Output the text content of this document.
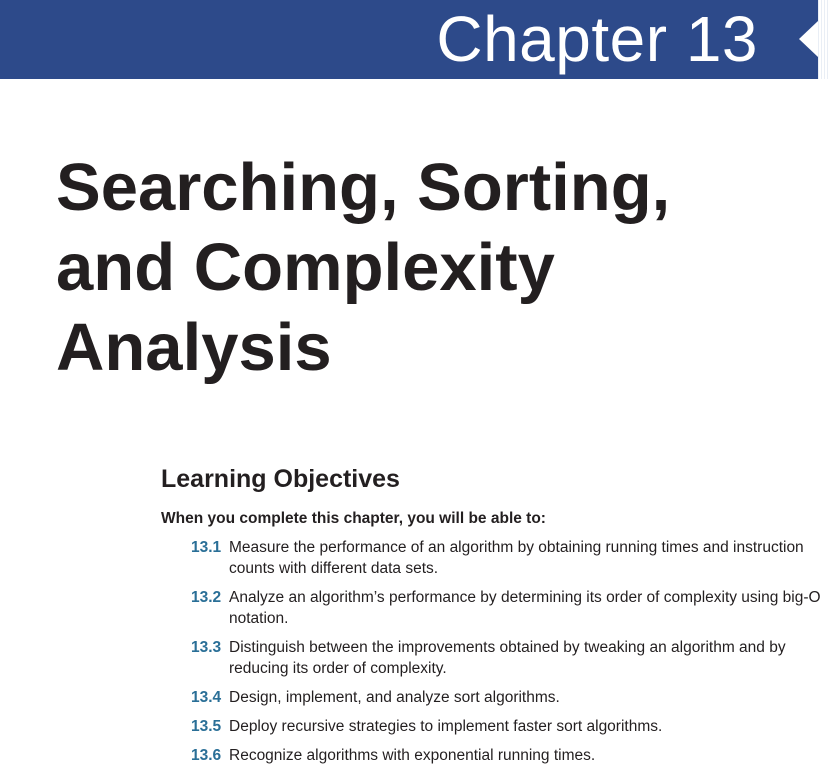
Chapter 13
Searching, Sorting,
and Complexity
Analysis
Learning Objectives

When you complete this chapter, you will be able to:

13.1 Measure the performance of an algorithm by obtaining running times and instruction counts with different data sets.
13.2 Analyze an algorithm’s performance by determining its order of complexity using big-O notation.
13.3 Distinguish between the improvements obtained by tweaking an algorithm and by reducing its order of complexity.
13.4 Design, implement, and analyze sort algorithms.
13.5 Deploy recursive strategies to implement faster sort algorithms.
13.6 Recognize algorithms with exponential running times.
